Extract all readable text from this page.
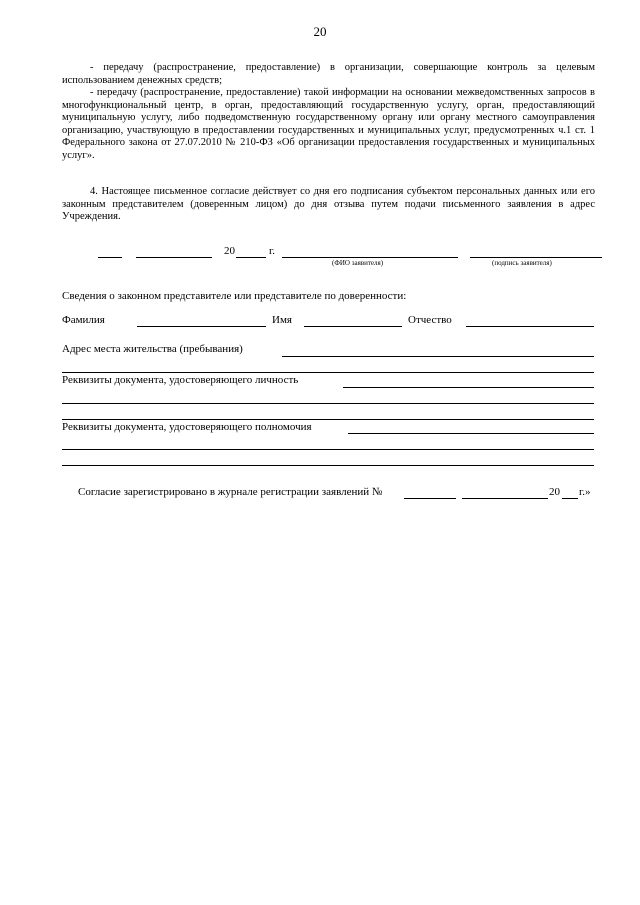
20
- передачу (распространение, предоставление) в организации, совершающие контроль за целевым использованием денежных средств;
- передачу (распространение, предоставление) такой информации на основании межведомственных запросов в многофункциональный центр, в орган, предоставляющий государственную услугу, орган, предоставляющий муниципальную услугу, либо подведомственную государственному органу или органу местного самоуправления организацию, участвующую в предоставлении государственных и муниципальных услуг, предусмотренных ч.1 ст. 1 Федерального закона от 27.07.2010 № 210-ФЗ «Об организации предоставления государственных и муниципальных услуг».
4. Настоящее письменное согласие действует со дня его подписания субъектом персональных данных или его законным представителем (доверенным лицом) до дня отзыва путем подачи письменного заявления в адрес Учреждения.
20	г.
(ФИО заявителя)	(подпись заявителя)
Сведения о законном представителе или представителе по доверенности:
Фамилия	Имя	Отчество
Адрес места жительства (пребывания)
Реквизиты документа, удостоверяющего личность
Реквизиты документа, удостоверяющего полномочия
Согласие зарегистрировано в журнале регистрации заявлений №	20 г.»
